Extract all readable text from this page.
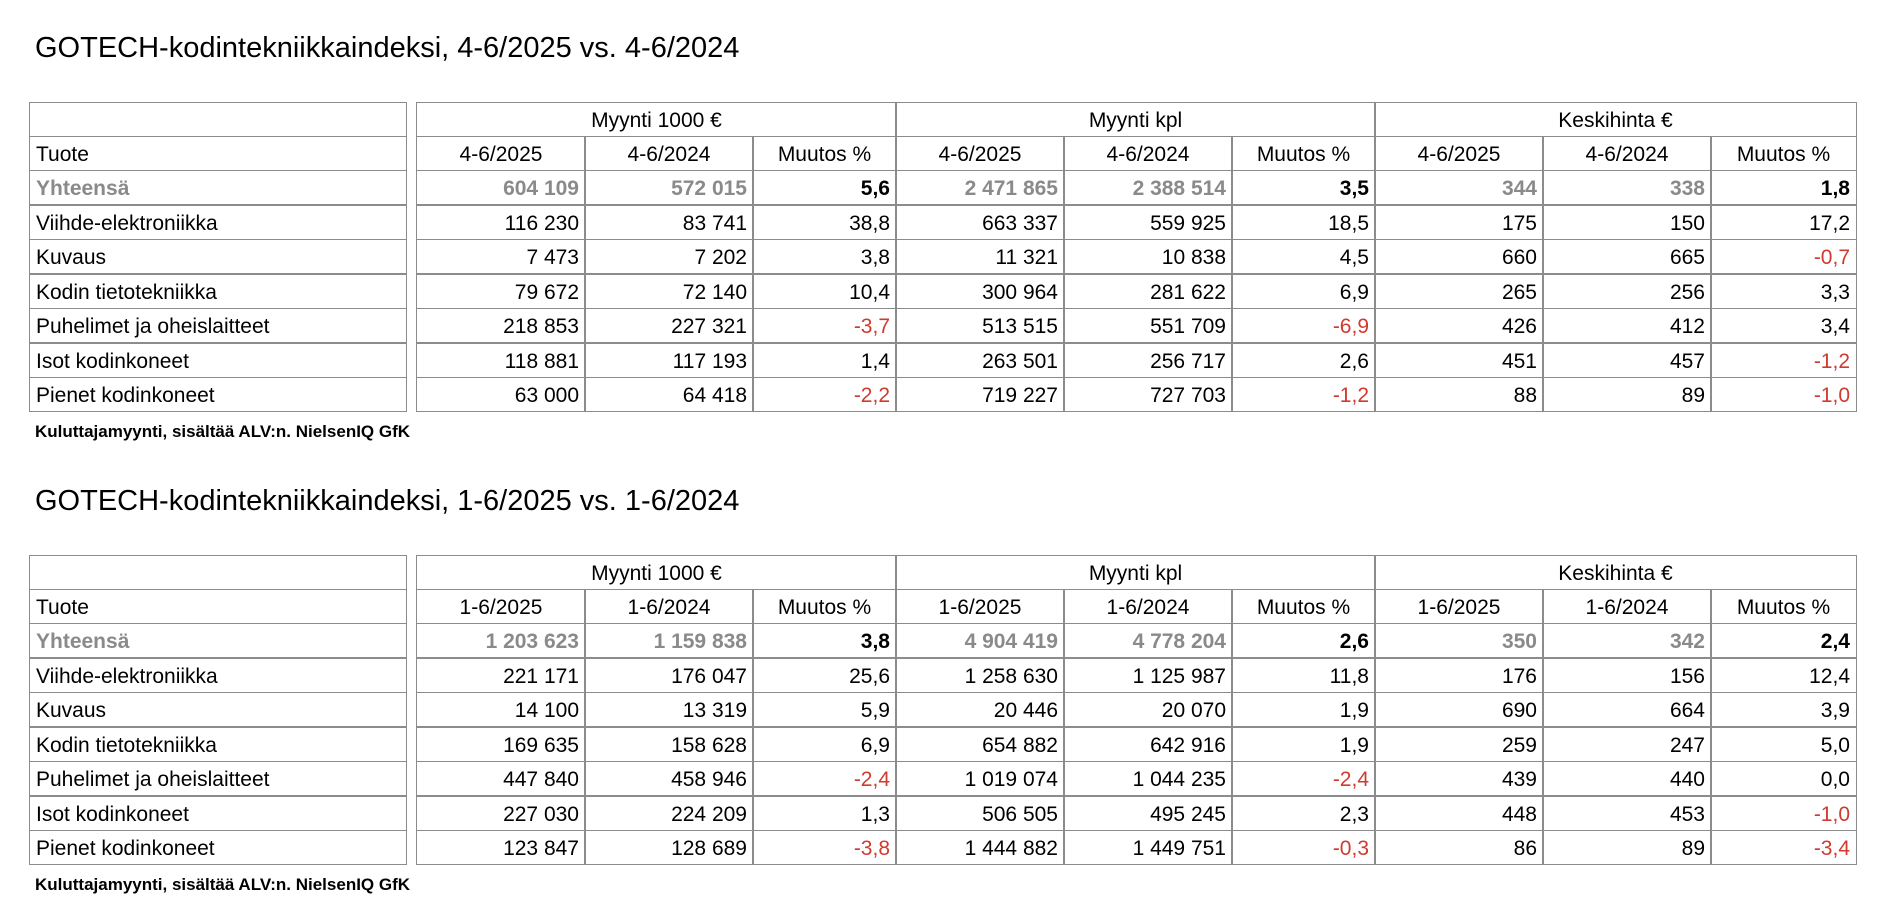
GOTECH-kodintekniikkaindeksi, 4-6/2025 vs. 4-6/2024
Myynti 1000 €	Myynti kpl	Keskihinta €
Tuote	4-6/2025	4-6/2024	Muutos %	4-6/2025	4-6/2024	Muutos %	4-6/2025	4-6/2024	Muutos %
Yhteensä	604 109	572 015	5,6	2 471 865	2 388 514	3,5	344	338	1,8
Viihde-elektroniikka	116 230	83 741	38,8	663 337	559 925	18,5	175	150	17,2
Kuvaus	7 473	7 202	3,8	11 321	10 838	4,5	660	665	-0,7
Kodin tietotekniikka	79 672	72 140	10,4	300 964	281 622	6,9	265	256	3,3
Puhelimet ja oheislaitteet	218 853	227 321	-3,7	513 515	551 709	-6,9	426	412	3,4
Isot kodinkoneet	118 881	117 193	1,4	263 501	256 717	2,6	451	457	-1,2
Pienet kodinkoneet	63 000	64 418	-2,2	719 227	727 703	-1,2	88	89	-1,0
Kuluttajamyynti, sisältää ALV:n. NielsenIQ GfK
GOTECH-kodintekniikkaindeksi, 1-6/2025 vs. 1-6/2024
Myynti 1000 €	Myynti kpl	Keskihinta €
Tuote	1-6/2025	1-6/2024	Muutos %	1-6/2025	1-6/2024	Muutos %	1-6/2025	1-6/2024	Muutos %
Yhteensä	1 203 623	1 159 838	3,8	4 904 419	4 778 204	2,6	350	342	2,4
Viihde-elektroniikka	221 171	176 047	25,6	1 258 630	1 125 987	11,8	176	156	12,4
Kuvaus	14 100	13 319	5,9	20 446	20 070	1,9	690	664	3,9
Kodin tietotekniikka	169 635	158 628	6,9	654 882	642 916	1,9	259	247	5,0
Puhelimet ja oheislaitteet	447 840	458 946	-2,4	1 019 074	1 044 235	-2,4	439	440	0,0
Isot kodinkoneet	227 030	224 209	1,3	506 505	495 245	2,3	448	453	-1,0
Pienet kodinkoneet	123 847	128 689	-3,8	1 444 882	1 449 751	-0,3	86	89	-3,4
Kuluttajamyynti, sisältää ALV:n. NielsenIQ GfK
